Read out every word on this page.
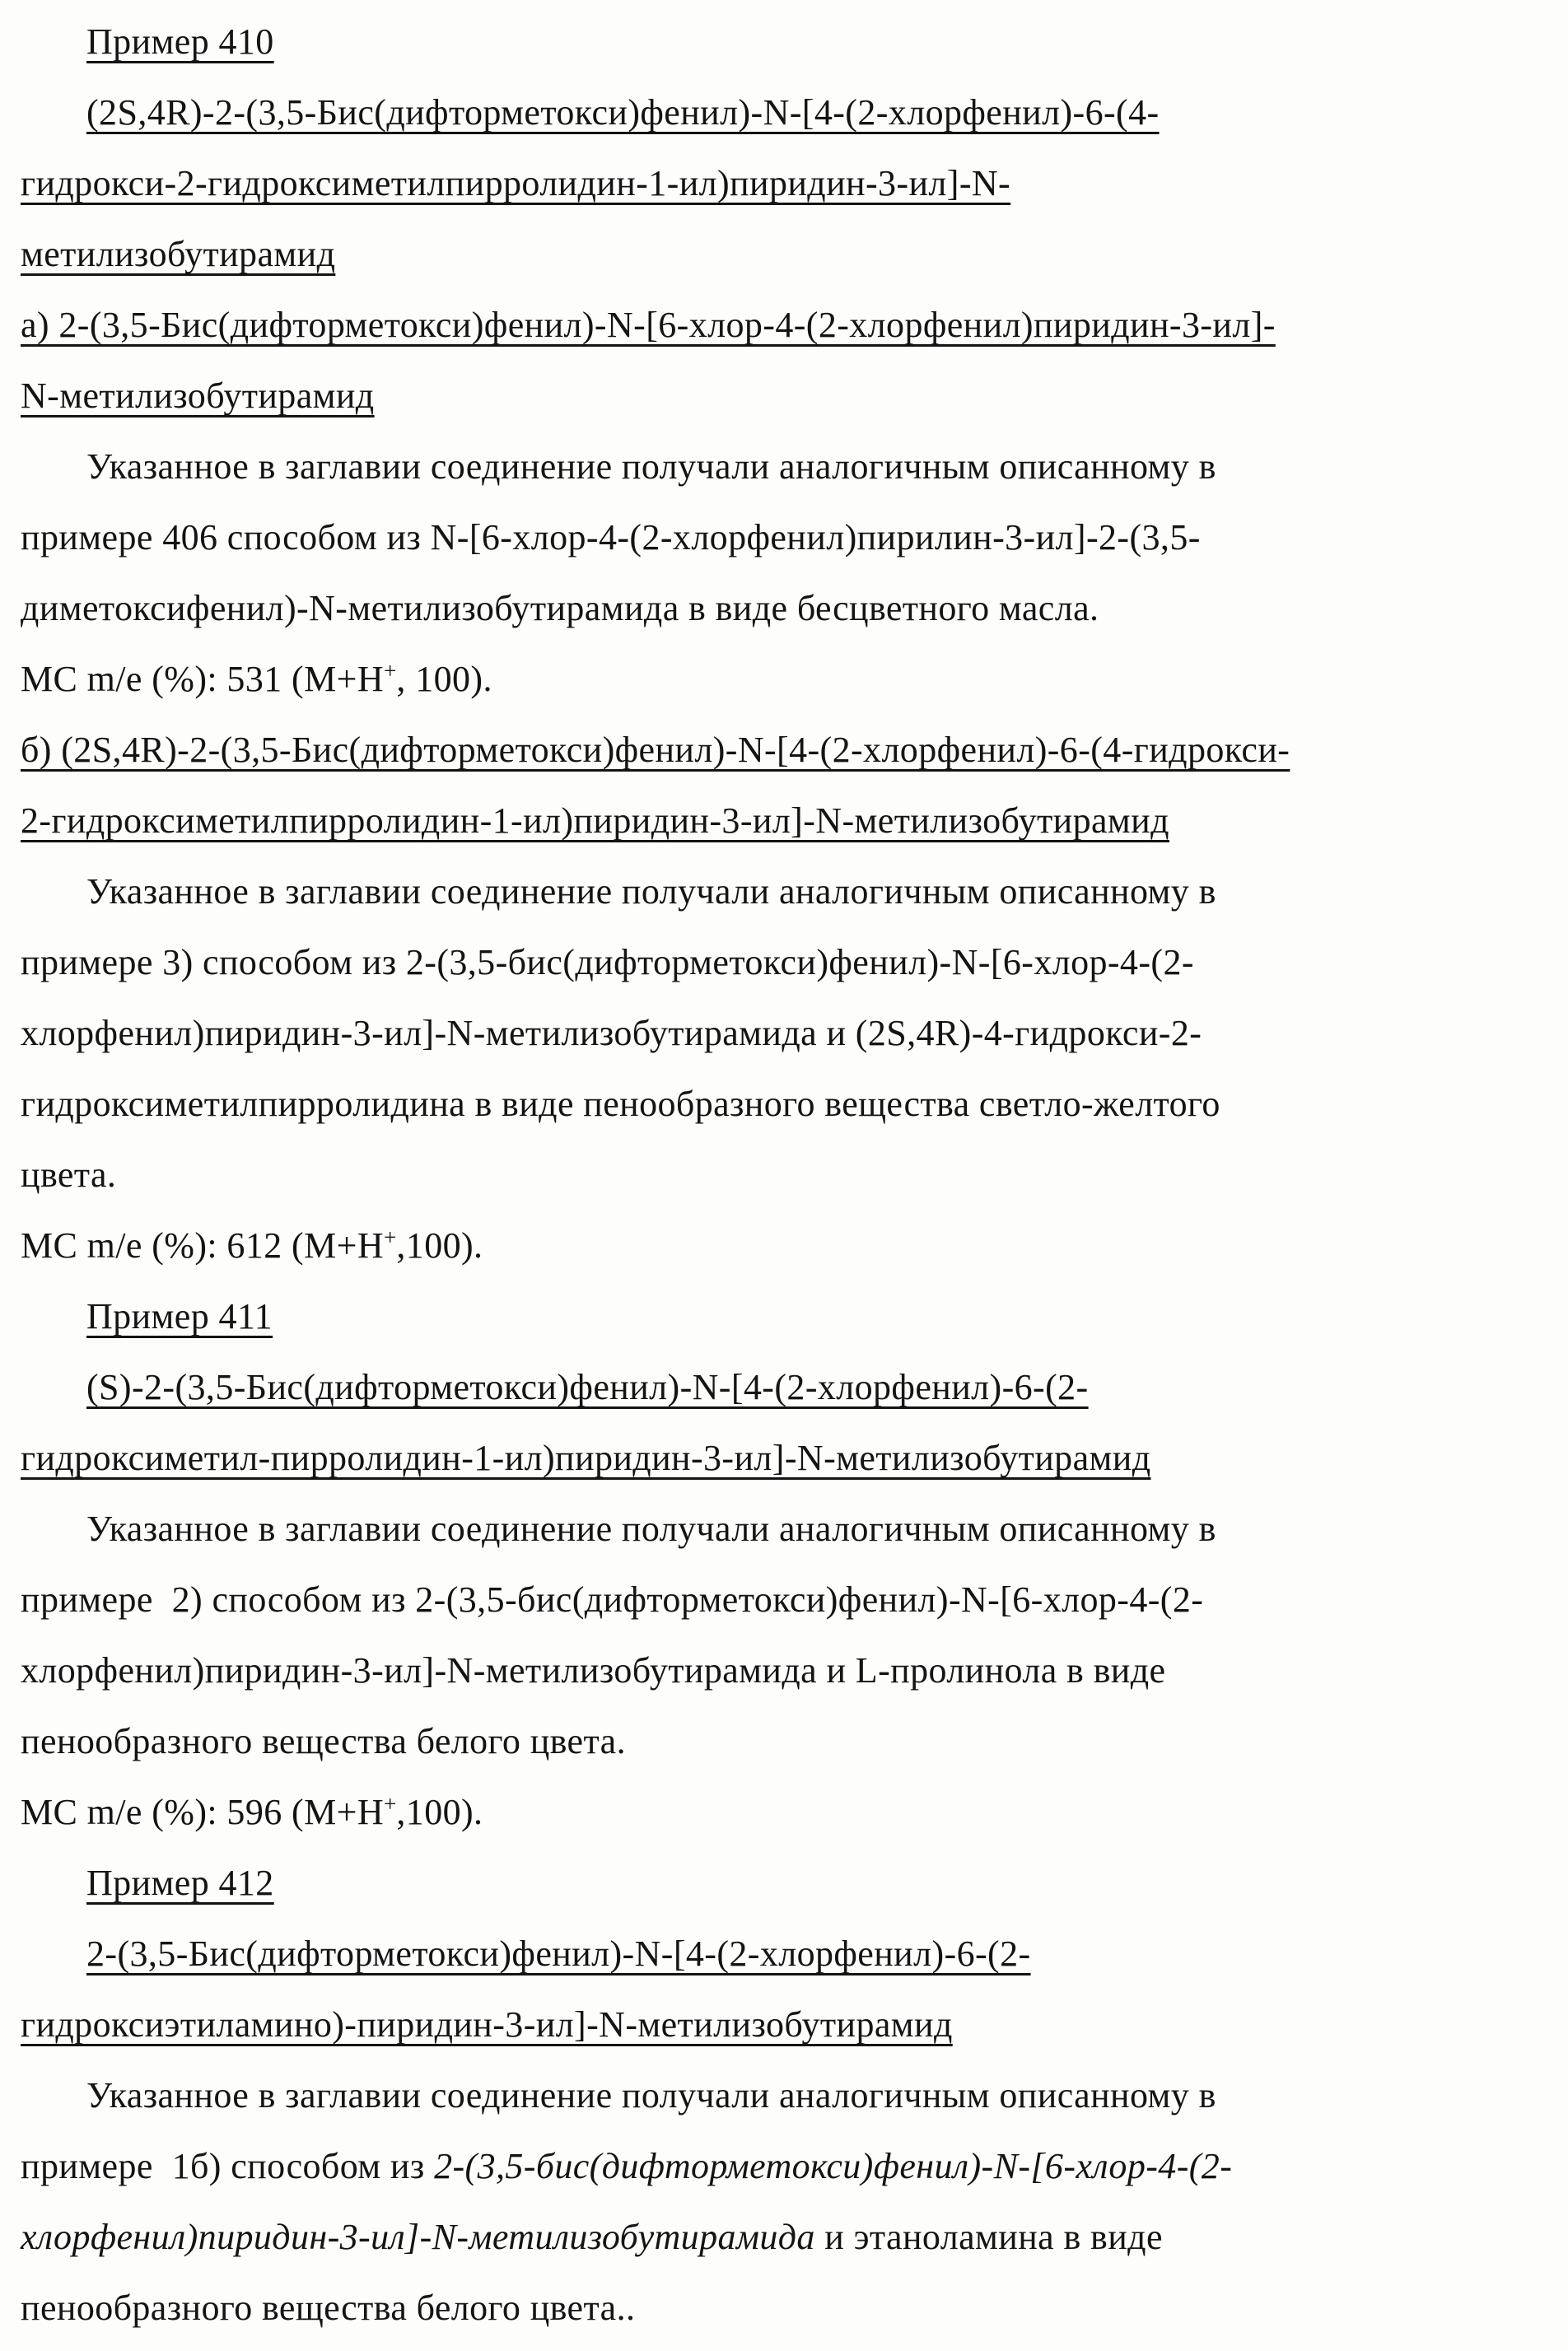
Пример 410
(2S,4R)-2-(3,5-Бис(дифторметокси)фенил)-N-[4-(2-хлорфенил)-6-(4-
гидрокси-2-гидроксиметилпирролидин-1-ил)пиридин-3-ил]-N-
метилизобутирамид
а) 2-(3,5-Бис(дифторметокси)фенил)-N-[6-хлор-4-(2-хлорфенил)пиридин-3-ил]-
N-метилизобутирамид
Указанное в заглавии соединение получали аналогичным описанному в
примере 406 способом из N-[6-хлор-4-(2-хлорфенил)пирилин-3-ил]-2-(3,5-
диметоксифенил)-N-метилизобутирамида в виде бесцветного масла.
МС m/e (%): 531 (M+H+, 100).
б) (2S,4R)-2-(3,5-Бис(дифторметокси)фенил)-N-[4-(2-хлорфенил)-6-(4-гидрокси-
2-гидроксиметилпирролидин-1-ил)пиридин-3-ил]-N-метилизобутирамид
Указанное в заглавии соединение получали аналогичным описанному в
примере 3) способом из 2-(3,5-бис(дифторметокси)фенил)-N-[6-хлор-4-(2-
хлорфенил)пиридин-3-ил]-N-метилизобутирамида и (2S,4R)-4-гидрокси-2-
гидроксиметилпирролидина в виде пенообразного вещества светло-желтого
цвета.
МС m/e (%): 612 (M+H+,100).
Пример 411
(S)-2-(3,5-Бис(дифторметокси)фенил)-N-[4-(2-хлорфенил)-6-(2-
гидроксиметил-пирролидин-1-ил)пиридин-3-ил]-N-метилизобутирамид
Указанное в заглавии соединение получали аналогичным описанному в
примере  2) способом из 2-(3,5-бис(дифторметокси)фенил)-N-[6-хлор-4-(2-
хлорфенил)пиридин-3-ил]-N-метилизобутирамида и L-пролинола в виде
пенообразного вещества белого цвета.
МС m/e (%): 596 (M+H+,100).
Пример 412
2-(3,5-Бис(дифторметокси)фенил)-N-[4-(2-хлорфенил)-6-(2-
гидроксиэтиламино)-пиридин-3-ил]-N-метилизобутирамид
Указанное в заглавии соединение получали аналогичным описанному в
примере  1б) способом из 2-(3,5-бис(дифторметокси)фенил)-N-[6-хлор-4-(2-
хлорфенил)пиридин-3-ил]-N-метилизобутирамида и этаноламина в виде
пенообразного вещества белого цвета..
